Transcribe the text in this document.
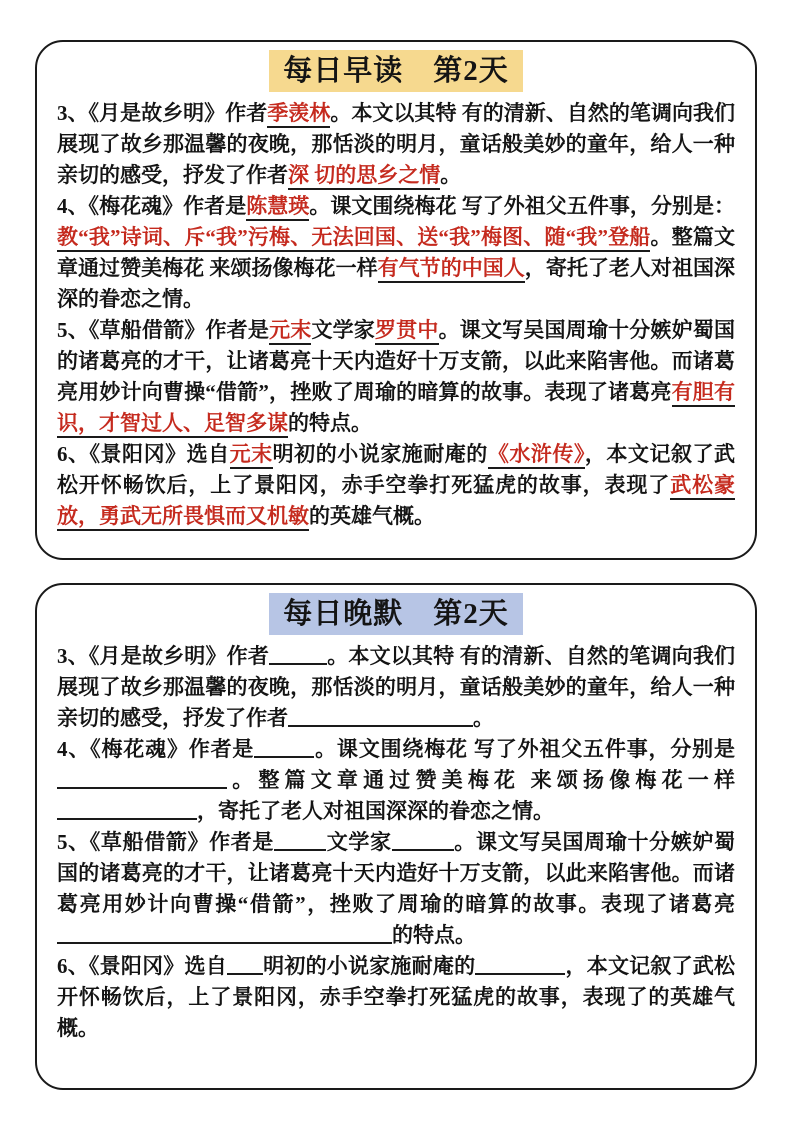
每日早读　第2天

3、《月是故乡明》作者季羡林。本文以其特 有的清新、自然的笔调向我们展现了故乡那温馨的夜晚，那恬淡的明月，童话般美妙的童年，给人一种亲切的感受，抒发了作者深 切的思乡之情。

4、《梅花魂》作者是陈慧瑛。课文围绕梅花 写了外祖父五件事，分别是：教“我”诗词、斥“我”污梅、无法回国、送“我”梅图、随“我”登船。整篇文章通过赞美梅花 来颂扬像梅花一样有气节的中国人，寄托了老人对祖国深深的眷恋之情。

5、《草船借箭》作者是元末文学家罗贯中。课文写吴国周瑜十分嫉妒蜀国的诸葛亮的才干，让诸葛亮十天内造好十万支箭，以此来陷害他。而诸葛亮用妙计向曹操“借箭”，挫败了周瑜的暗算的故事。表现了诸葛亮有胆有识，才智过人、足智多谋的特点。

6、《景阳冈》选自元末明初的小说家施耐庵的《水浒传》，本文记叙了武松开怀畅饮后，上了景阳冈，赤手空拳打死猛虎的故事，表现了武松豪放，勇武无所畏惧而又机敏的英雄气概。

每日晚默　第2天

3、《月是故乡明》作者	。本文以其特 有的清新、自然的笔调向我们展现了故乡那温馨的夜晚，那恬淡的明月，童话般美妙的童年，给人一种亲切的感受，抒发了作者	。

4、《梅花魂》作者是	。课文围绕梅花 写了外祖父五件事，分别是。整篇文章通过赞美梅花 来颂扬像梅花一样，寄托了老人对祖国深深的眷恋之情。

5、《草船借箭》作者是 文学家	。课文写吴国周瑜十分嫉妒蜀国的诸葛亮的才干，让诸葛亮十天内造好十万支箭，以此来陷害他。而诸葛亮用妙计向曹操“借箭”，挫败了周瑜的暗算的故事。表现了诸葛亮的特点。

6、《景阳冈》选自 明初的小说家施耐庵的	，本文记叙了武松开怀畅饮后，上了景阳冈，赤手空拳打死猛虎的故事，表现了的英雄气概。
